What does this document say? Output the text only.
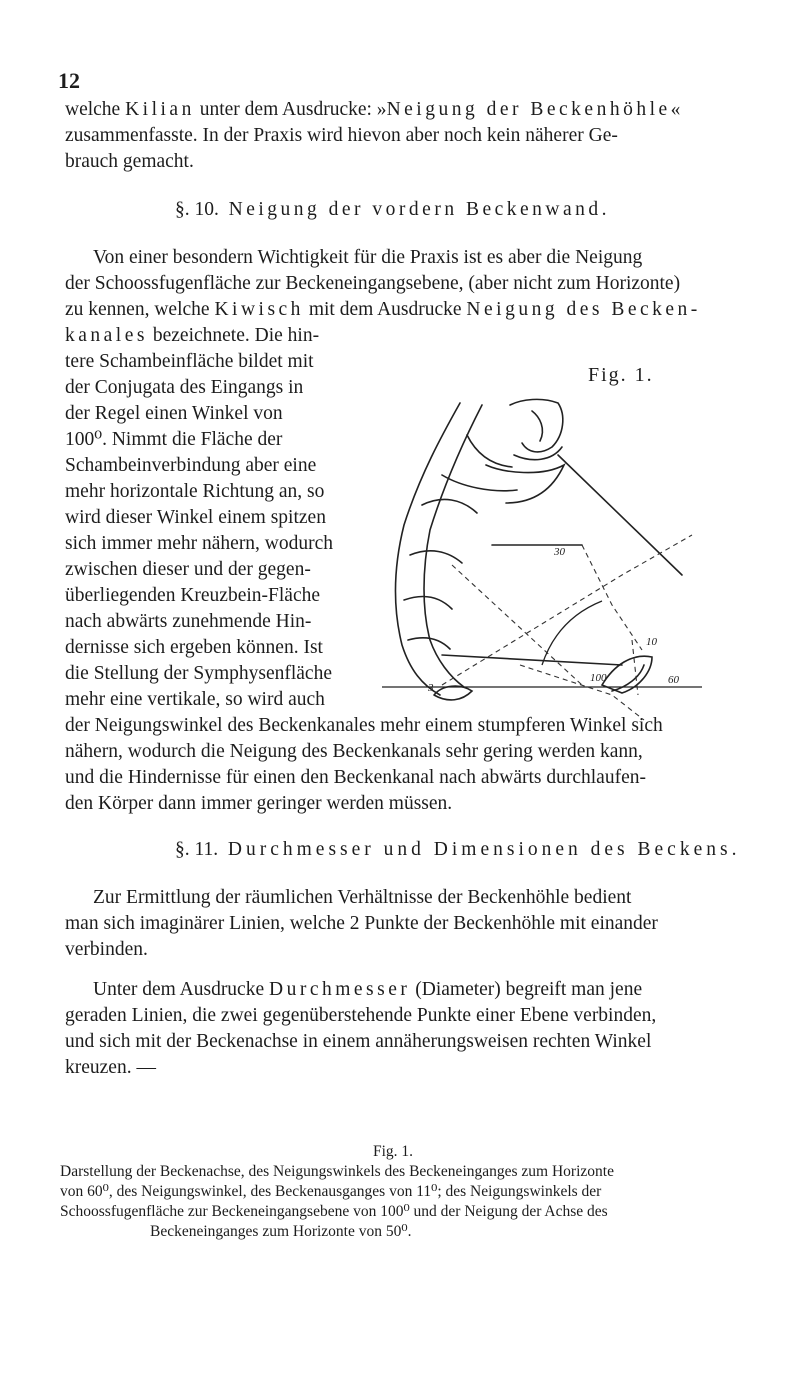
12
welche Kilian unter dem Ausdrucke: »Neigung der Beckenhöhle«
zusammenfasste. In der Praxis wird hievon aber noch kein näherer Ge-
brauch gemacht.
§. 10. Neigung der vordern Beckenwand.
Von einer besondern Wichtigkeit für die Praxis ist es aber die Neigung
der Schoossfugenfläche zur Beckeneingangsebene, (aber nicht zum Horizonte)
zu kennen, welche Kiwisch mit dem Ausdrucke Neigung des Becken-
kanales bezeichnete. Die hin-
tere Schambeinfläche bildet mit
der Conjugata des Eingangs in
der Regel einen Winkel von
100⁰. Nimmt die Fläche der
Schambeinverbindung aber eine
mehr horizontale Richtung an, so
wird dieser Winkel einem spitzen
sich immer mehr nähern, wodurch
zwischen dieser und der gegen-
überliegenden Kreuzbein-Fläche
nach abwärts zunehmende Hin-
dernisse sich ergeben können. Ist
die Stellung der Symphysenfläche
mehr eine vertikale, so wird auch
der Neigungswinkel des Beckenkanales mehr einem stumpferen Winkel sich
nähern, wodurch die Neigung des Beckenkanals sehr gering werden kann,
und die Hindernisse für einen den Beckenkanal nach abwärts durchlaufen-
den Körper dann immer geringer werden müssen.
Fig. 1.
30
10
60
3
100
§. 11. Durchmesser und Dimensionen des Beckens.
Zur Ermittlung der räumlichen Verhältnisse der Beckenhöhle bedient
man sich imaginärer Linien, welche 2 Punkte der Beckenhöhle mit einander
verbinden.
Unter dem Ausdrucke Durchmesser (Diameter) begreift man jene
geraden Linien, die zwei gegenüberstehende Punkte einer Ebene verbinden,
und sich mit der Beckenachse in einem annäherungsweisen rechten Winkel
kreuzen. —
Fig. 1.
Darstellung der Beckenachse, des Neigungswinkels des Beckeneinganges zum Horizonte
von 60⁰, des Neigungswinkel, des Beckenausganges von 11⁰; des Neigungswinkels der
Schoossfugenfläche zur Beckeneingangsebene von 100⁰ und der Neigung der Achse des
Beckeneinganges zum Horizonte von 50⁰.
